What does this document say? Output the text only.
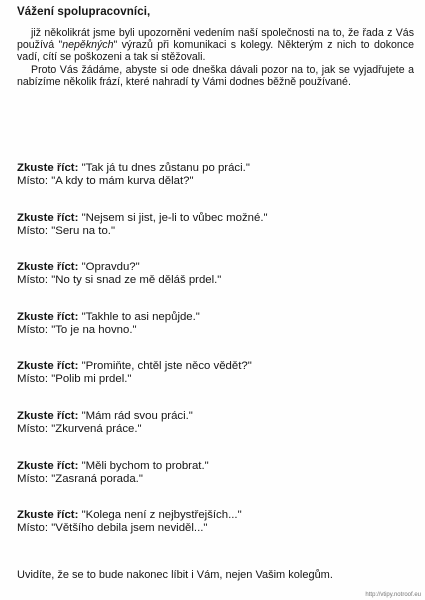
Vážení spolupracovníci,

již několikrát jsme byli upozorněni vedením naší společnosti na to, že řada z Vás používá "nepěkných" výrazů při komunikaci s kolegy. Některým z nich to dokonce vadí, cítí se poškozeni a tak si stěžovali.

Proto Vás žádáme, abyste si ode dneška dávali pozor na to, jak se vyjadřujete a nabízíme několik frází, které nahradí ty Vámi dodnes běžně používané.

Zkuste říct: "Tak já tu dnes zůstanu po práci."
Místo: "A kdy to mám kurva dělat?"
Zkuste říct: "Nejsem si jist, je-li to vůbec možné."
Místo: "Seru na to."
Zkuste říct: "Opravdu?"
Místo: "No ty si snad ze mě děláš prdel."
Zkuste říct: "Takhle to asi nepůjde."
Místo: "To je na hovno."
Zkuste říct: "Promiňte, chtěl jste něco vědět?"
Místo: "Polib mi prdel."
Zkuste říct: "Mám rád svou práci."
Místo: "Zkurvená práce."
Zkuste říct: "Měli bychom to probrat."
Místo: "Zasraná porada."
Zkuste říct: "Kolega není z nejbystřejších..."
Místo: "Většího debila jsem neviděl..."
Uvidíte, že se to bude nakonec líbit i Vám, nejen Vašim kolegům.
http://vtipy.notroof.eu
